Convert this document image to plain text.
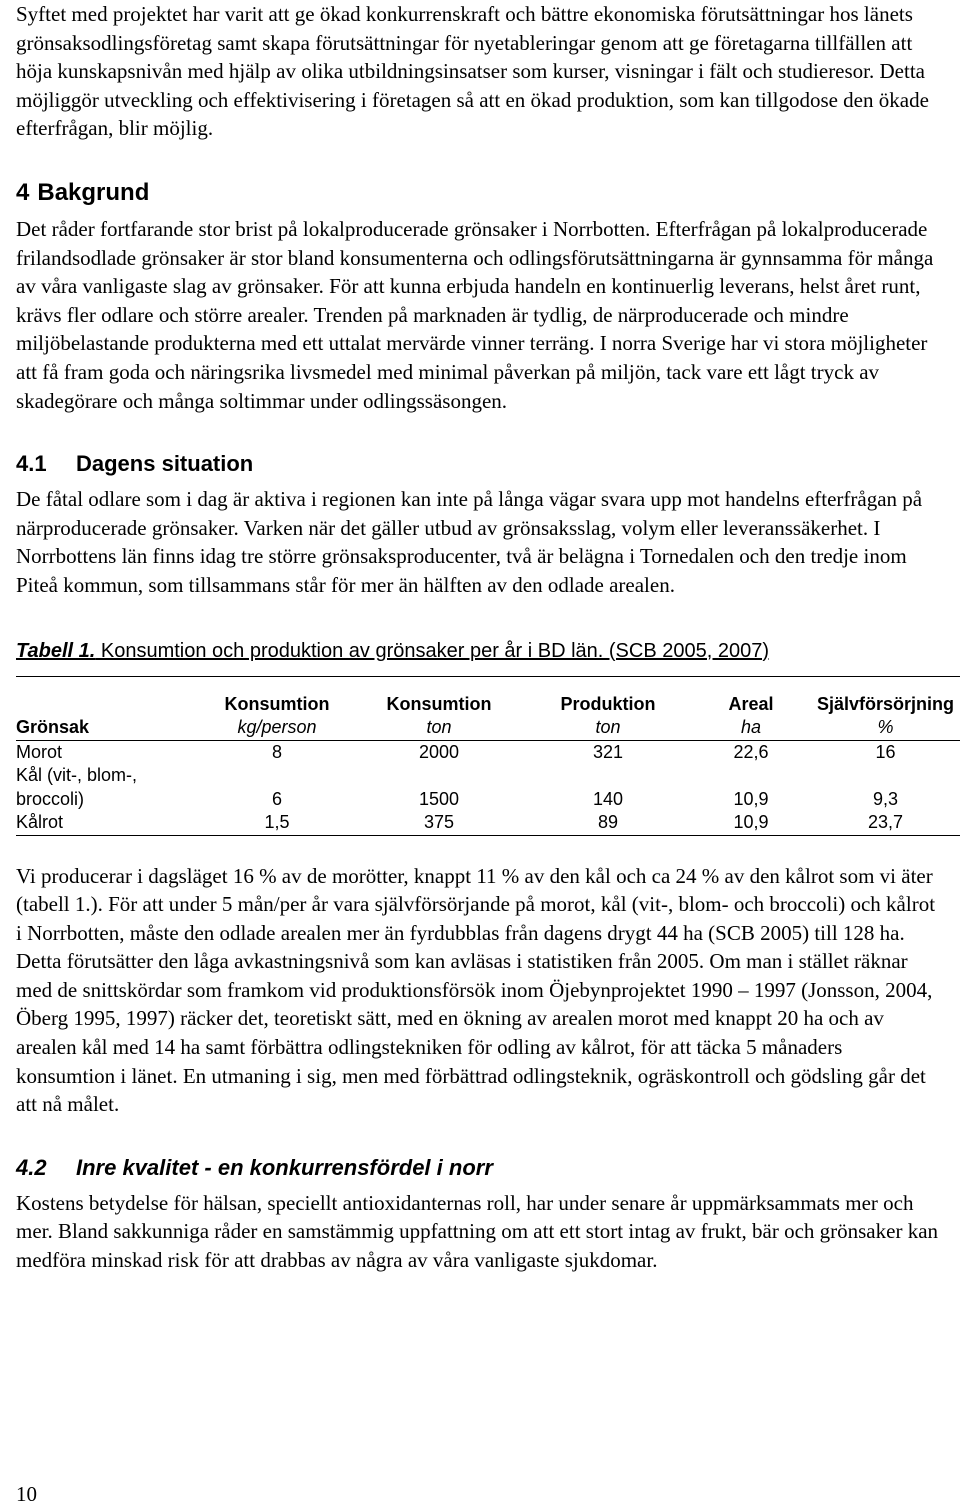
Syftet med projektet har varit att ge ökad konkurrenskraft och bättre ekonomiska förutsättningar hos länets grönsaksodlingsföretag samt skapa förutsättningar för nyetableringar genom att ge företagarna tillfällen att höja kunskapsnivån med hjälp av olika utbildningsinsatser som kurser, visningar i fält och studieresor. Detta möjliggör utveckling och effektivisering i företagen så att en ökad produktion, som kan tillgodose den ökade efterfrågan, blir möjlig.

4 Bakgrund

Det råder fortfarande stor brist på lokalproducerade grönsaker i Norrbotten. Efterfrågan på lokalproducerade frilandsodlade grönsaker är stor bland konsumenterna och odlingsförutsättningarna är gynnsamma för många av våra vanligaste slag av grönsaker. För att kunna erbjuda handeln en kontinuerlig leverans, helst året runt, krävs fler odlare och större arealer. Trenden på marknaden är tydlig, de närproducerade och mindre miljöbelastande produkterna med ett uttalat mervärde vinner terräng. I norra Sverige har vi stora möjligheter att få fram goda och näringsrika livsmedel med minimal påverkan på miljön, tack vare ett lågt tryck av skadegörare och många soltimmar under odlingssäsongen.

4.1 Dagens situation

De fåtal odlare som i dag är aktiva i regionen kan inte på långa vägar svara upp mot handelns efterfrågan på närproducerade grönsaker. Varken när det gäller utbud av grönsaksslag, volym eller leveranssäkerhet. I Norrbottens län finns idag tre större grönsaksproducenter, två är belägna i Tornedalen och den tredje inom Piteå kommun, som tillsammans står för mer än hälften av den odlade arealen.

Tabell 1. Konsumtion och produktion av grönsaker per år i BD län. (SCB 2005, 2007)
	Konsumtion	Konsumtion	Produktion	Areal	Självförsörjning
Grönsak	kg/person	ton	ton	ha	%
Morot	8	2000	321	22,6	16
Kål (vit-, blom-,
broccoli)	6	1500	140	10,9	9,3
Kålrot	1,5	375	89	10,9	23,7

Vi producerar i dagsläget 16 % av de morötter, knappt 11 % av den kål och ca 24 % av den kålrot som vi äter (tabell 1.). För att under 5 mån/per år vara självförsörjande på morot, kål (vit-, blom- och broccoli) och kålrot i Norrbotten, måste den odlade arealen mer än fyrdubblas från dagens drygt 44 ha (SCB 2005) till 128 ha. Detta förutsätter den låga avkastningsnivå som kan avläsas i statistiken från 2005. Om man i stället räknar med de snittskördar som framkom vid produktionsförsök inom Öjebynprojektet 1990 – 1997 (Jonsson, 2004, Öberg 1995, 1997) räcker det, teoretiskt sätt, med en ökning av arealen morot med knappt 20 ha och av arealen kål med 14 ha samt förbättra odlingstekniken för odling av kålrot, för att täcka 5 månaders konsumtion i länet. En utmaning i sig, men med förbättrad odlingsteknik, ogräskontroll och gödsling går det att nå målet.

4.2 Inre kvalitet - en konkurrensfördel i norr

Kostens betydelse för hälsan, speciellt antioxidanternas roll, har under senare år uppmärksammats mer och mer. Bland sakkunniga råder en samstämmig uppfattning om att ett stort intag av frukt, bär och grönsaker kan medföra minskad risk för att drabbas av några av våra vanligaste sjukdomar.

10
